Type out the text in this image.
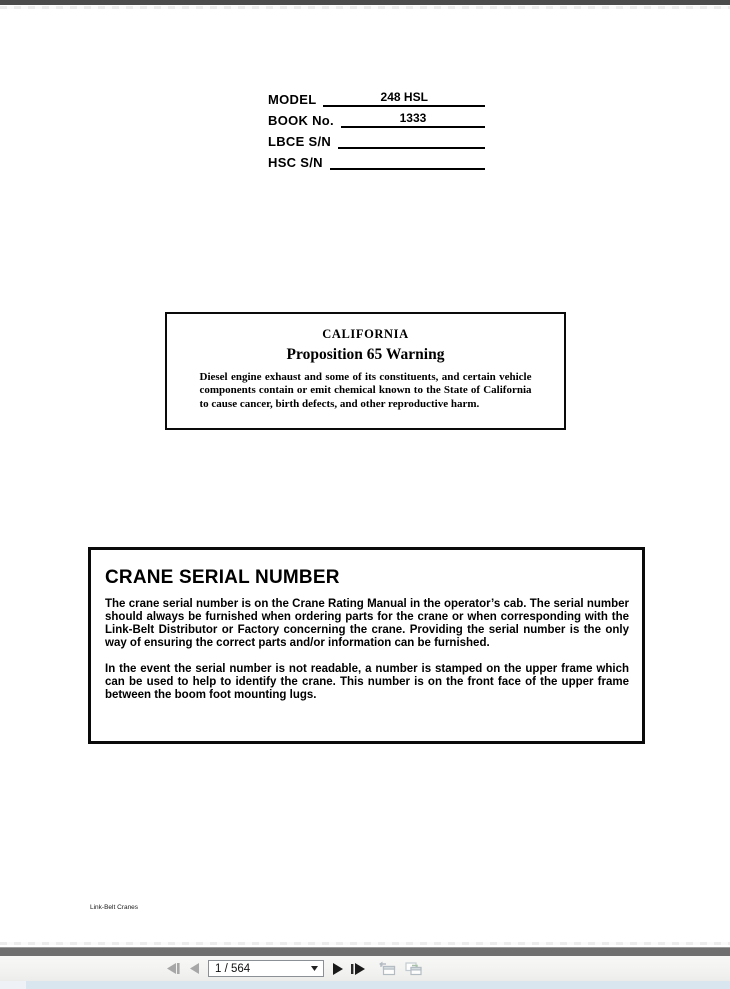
MODEL	248 HSL
BOOK No.	1333
LBCE S/N
HSC S/N
CALIFORNIA
Proposition 65 Warning
Diesel engine exhaust and some of its constituents, and certain vehicle components contain or emit chemical known to the State of California to cause cancer, birth defects, and other reproductive harm.
CRANE SERIAL NUMBER
The crane serial number is on the Crane Rating Manual in the operator’s cab. The serial number should always be furnished when ordering parts for the crane or when corresponding with the Link-Belt Distributor or Factory concerning the crane. Providing the serial number is the only way of ensuring the correct parts and/or information can be furnished.
In the event the serial number is not readable, a number is stamped on the upper frame which can be used to help to identify the crane. This number is on the front face of the upper frame between the boom foot mounting lugs.
Link-Belt Cranes
1 / 564
